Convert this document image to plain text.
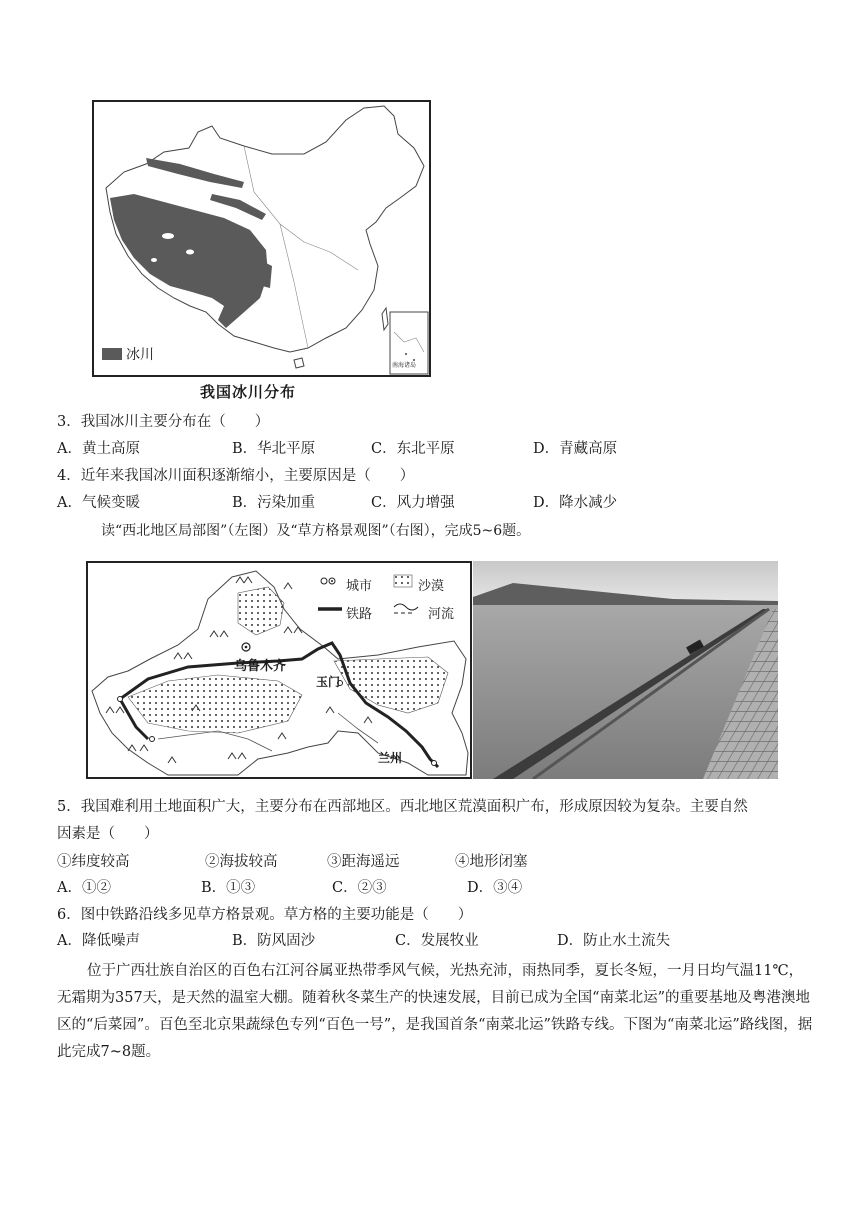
冰川
南海诸岛
我国冰川分布
3．我国冰川主要分布在（　　）
A．黄土高原	B．华北平原	C．东北平原	D．青藏高原
4．近年来我国冰川面积逐渐缩小，主要原因是（　　）
A．气候变暖	B．污染加重	C．风力增强	D．降水减少
读“西北地区局部图”（左图）及“草方格景观图”（右图），完成5~6题。
城市	沙漠
铁路	河流
乌鲁木齐
玉门
兰州
5．我国难利用土地面积广大，主要分布在西部地区。西北地区荒漠面积广布，形成原因较为复杂。主要自然
因素是（　　）
①纬度较高	②海拔较高	③距海遥远	④地形闭塞
A．①②	B．①③	C．②③	D．③④
6．图中铁路沿线多见草方格景观。草方格的主要功能是（　　）
A．降低噪声	B．防风固沙	C．发展牧业	D．防止水土流失
位于广西壮族自治区的百色右江河谷属亚热带季风气候，光热充沛，雨热同季，夏长冬短，一月日均气温11℃，无霜期为357天，是天然的温室大棚。随着秋冬菜生产的快速发展，目前已成为全国“南菜北运”的重要基地及粤港澳地区的“后菜园”。百色至北京果蔬绿色专列“百色一号”，是我国首条“南菜北运”铁路专线。下图为“南菜北运”路线图，据此完成7~8题。
